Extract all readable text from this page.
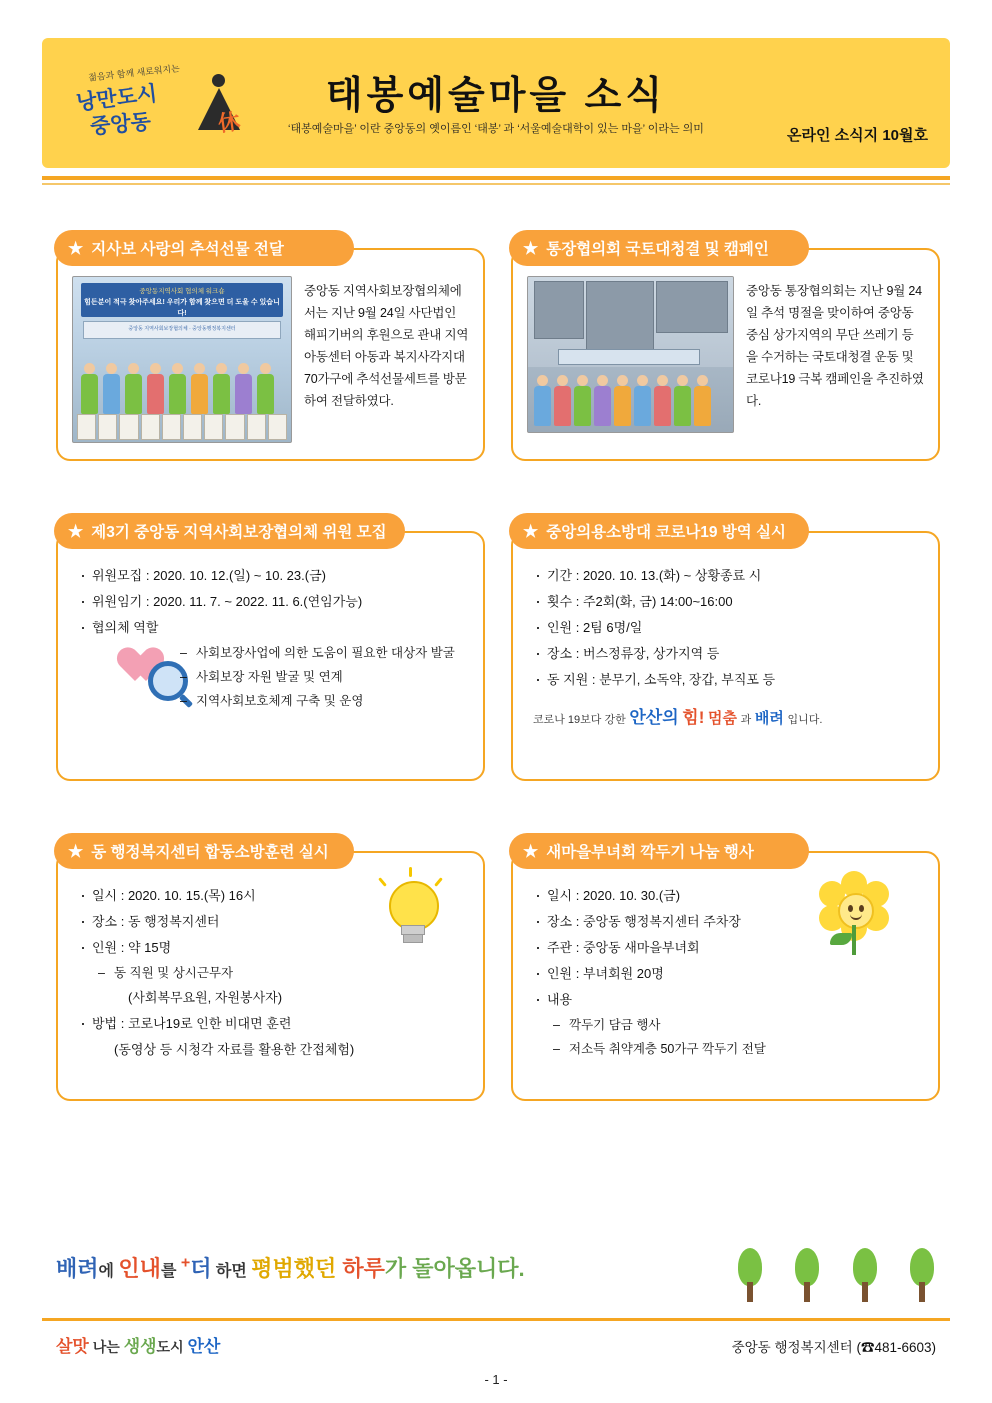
젊음과 함께 새로워지는
낭만도시
중앙동	休
태봉예술마을 소식
‘태봉예술마을’ 이란 중앙동의 옛이름인 ‘태봉’ 과 ‘서울예술대학이 있는 마을’ 이라는 의미	온라인 소식지 10월호
★ 지사보 사랑의 추석선물 전달
중앙동지역사회 협의체 워크숍
힘든분이 적극 찾아주세요! 우리가 함께 찾으면 더 도울 수 있습니다!
중앙동 지역사회보장협의체 · 중앙동행정복지센터
중앙동 지역사회보장협의체에서는 지난 9월 24일 사단법인 해피기버의 후원으로 관내 지역아동센터 아동과 복지사각지대 70가구에 추석선물세트를 방문하여 전달하였다.
★ 통장협의회 국토대청결 및 캠페인
중앙동 통장협의회는 지난 9월 24일 추석 명절을 맞이하여 중앙동 중심 상가지역의 무단 쓰레기 등을 수거하는 국토대청결 운동 및 코로나19 극복 캠페인을 추진하였다.
★ 제3기 중앙동 지역사회보장협의체 위원 모집
· 위원모집 : 2020. 10. 12.(일) ~ 10. 23.(금)
· 위원임기 : 2020. 11. 7. ~ 2022. 11. 6.(연임가능)
· 협의체 역할
– 사회보장사업에 의한 도움이 필요한 대상자 발굴
– 사회보장 자원 발굴 및 연계
– 지역사회보호체계 구축 및 운영
★ 중앙의용소방대 코로나19 방역 실시
· 기간 : 2020. 10. 13.(화) ~ 상황종료 시
· 횟수 : 주2회(화, 금) 14:00~16:00
· 인원 : 2팀 6명/일
· 장소 : 버스정류장, 상가지역 등
· 동 지원 : 분무기, 소독약, 장갑, 부직포 등
코로나 19보다 강한 안산의 힘! 멈춤 과 배려 입니다.
★ 동 행정복지센터 합동소방훈련 실시
· 일시 : 2020. 10. 15.(목) 16시
· 장소 : 동 행정복지센터
· 인원 : 약 15명
– 동 직원 및 상시근무자
(사회복무요원, 자원봉사자)
· 방법 : 코로나19로 인한 비대면 훈련
(동영상 등 시청각 자료를 활용한 간접체험)
★ 새마을부녀회 깍두기 나눔 행사
· 일시 : 2020. 10. 30.(금)
· 장소 : 중앙동 행정복지센터 주차장
· 주관 : 중앙동 새마을부녀회
· 인원 : 부녀회원 20명
· 내용
– 깍두기 담금 행사
– 저소득 취약계층 50가구 깍두기 전달
배려에 인내를 +더 하면 평범했던 하루가 돌아옵니다.
살맛 나는 생생도시 안산	중앙동 행정복지센터 (☎481-6603)
- 1 -
